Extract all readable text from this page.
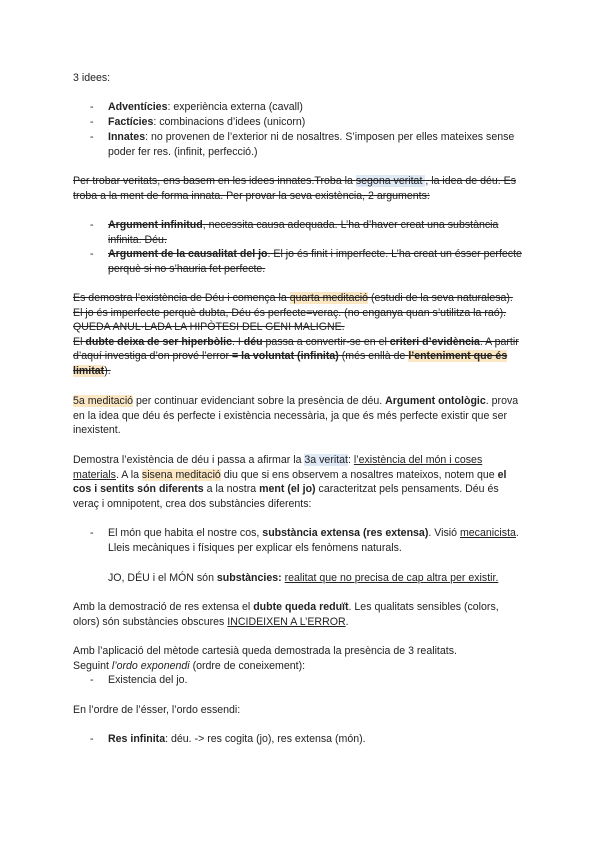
3 idees:
- Adventícies: experiència externa (cavall)
- Factícies: combinacions d’idees (unicorn)
- Innates: no provenen de l’exterior ni de nosaltres. S’imposen per elles mateixes sense poder fer res. (infinit, perfecció.)
Per trobar veritats, ens basem en les idees innates.Troba la segona veritat , la idea de déu. Es troba a la ment de forma innata. Per provar la seva existència, 2 arguments:
- Argument infinitud, necessita causa adequada. L’ha d’haver creat una substància infinita. Déu.
- Argument de la causalitat del jo. El jo és finit i imperfecte. L’ha creat un ésser perfecte perquè si no s’hauria fet perfecte.

Es demostra l’existència de Déu i comença la quarta meditació (estudi de la seva naturalesa). El jo és imperfecte perquè dubta, Déu és perfecte=veraç. (no enganya quan s’utilitza la raó). QUEDA ANUL·LADA LA HIPÒTESI DEL GENI MALIGNE.

El dubte deixa de ser hiperbòlic. I déu passa a convertir-se en el criteri d’evidència. A partir d’aquí investiga d’on prové l’error = la voluntat (infinita) (més enllà de l’enteniment que és limitat).

5a meditació per continuar evidenciant sobre la presència de déu. Argument ontològic. prova en la idea que déu és perfecte i existència necessària, ja que és més perfecte existir que ser inexistent.
Demostra l’existència de déu i passa a afirmar la 3a veritat: l’existència del món i coses materials. A la sisena meditació diu que si ens observem a nosaltres mateixos, notem que el cos i sentits són diferents a la nostra ment (el jo) caracteritzat pels pensaments. Déu és veraç i omnipotent, crea dos substàncies diferents:
- El món que habita el nostre cos, substància extensa (res extensa). Visió mecanicista. Lleis mecàniques i físiques per explicar els fenòmens naturals.
JO, DÉU i el MÓN són substàncies: realitat que no precisa de cap altra per existir.
Amb la demostració de res extensa el dubte queda reduït. Les qualitats sensibles (colors, olors) són substàncies obscures INCIDEIXEN A L’ERROR.

Amb l’aplicació del mètode cartesià queda demostrada la presència de 3 realitats.

Seguint l’ordo exponendi (ordre de coneixement):

- Existencia del jo.
En l’ordre de l’ésser, l’ordo essendi:
- Res infinita: déu. -> res cogita (jo), res extensa (món).
